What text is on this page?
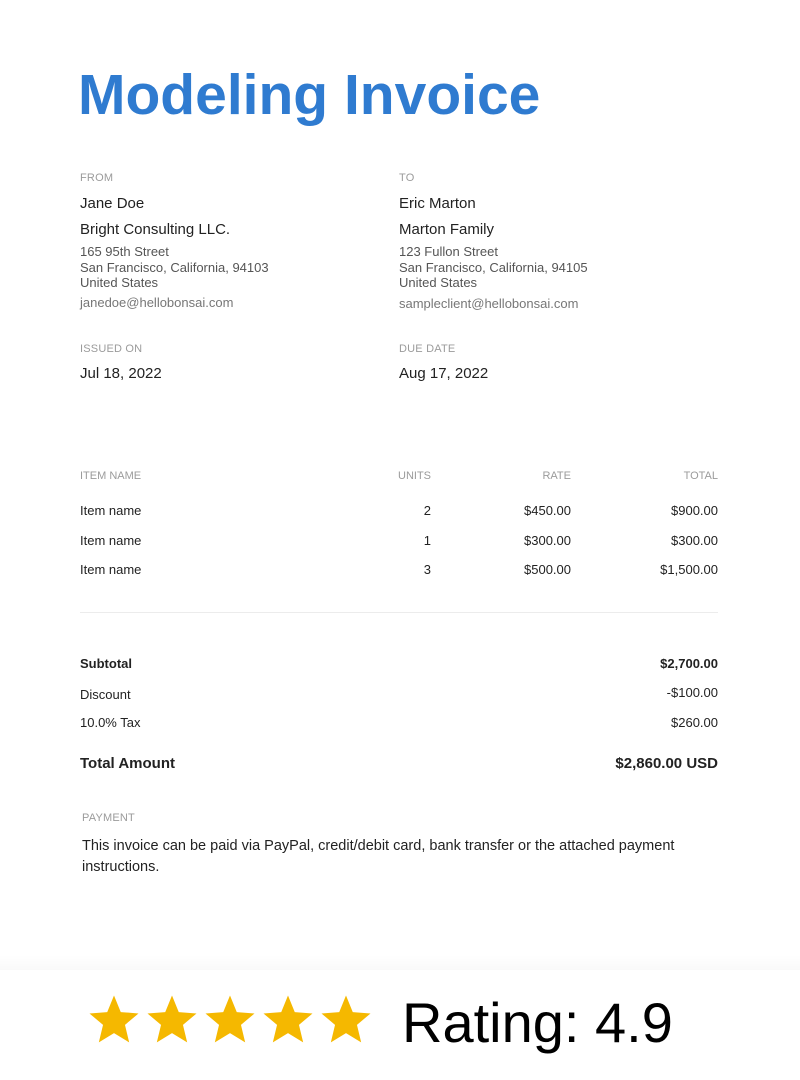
Modeling Invoice
FROM
Jane Doe
Bright Consulting LLC.
165 95th Street
San Francisco, California, 94103
United States
janedoe@hellobonsai.com
TO
Eric Marton
Marton Family
123 Fullon Street
San Francisco, California, 94105
United States
sampleclient@hellobonsai.com
ISSUED ON
Jul 18, 2022
DUE DATE
Aug 17, 2022
ITEM NAME	UNITS	RATE	TOTAL
Item name	2	$450.00	$900.00
Item name	1	$300.00	$300.00
Item name	3	$500.00	$1,500.00
Subtotal	$2,700.00
Discount	-$100.00
10.0% Tax	$260.00
Total Amount	$2,860.00 USD
PAYMENT
This invoice can be paid via PayPal, credit/debit card, bank transfer or the attached payment instructions.
Rating: 4.9
